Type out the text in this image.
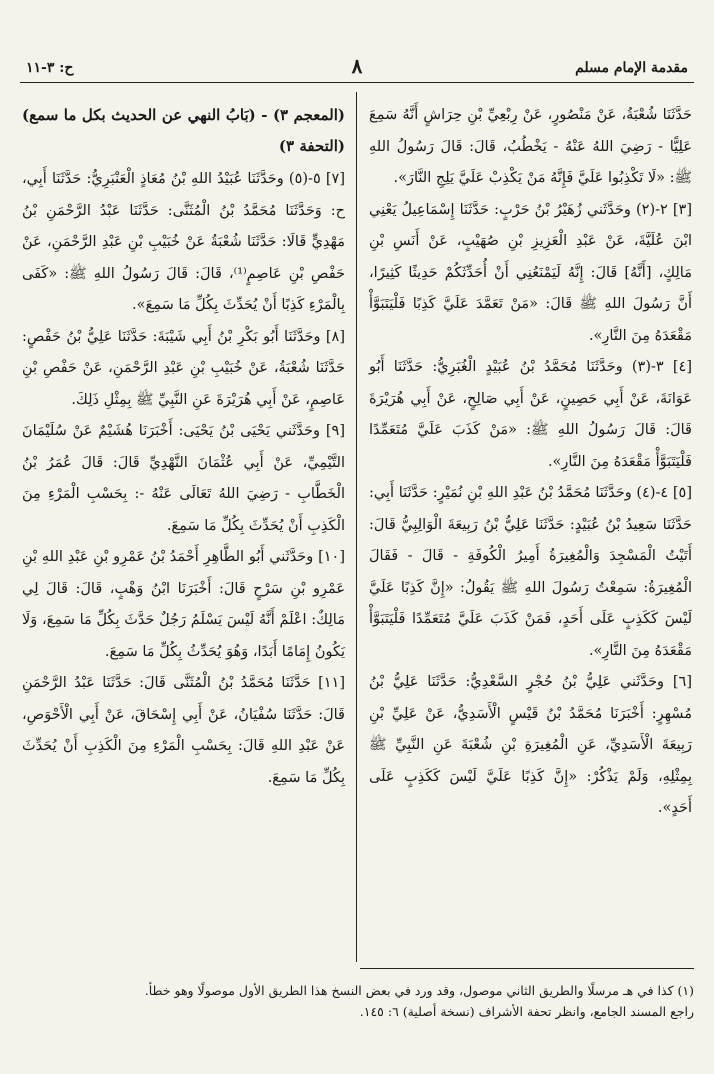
مقدمة الإمام مسلم
٨
ح: ٣-١١

حَدَّثَنَا شُعْبَةُ، عَنْ مَنْصُورٍ، عَنْ رِبْعِيِّ بْنِ حِرَاشٍ أَنَّهُ سَمِعَ عَلِيًّا - رَضِيَ اللهُ عَنْهُ - يَخْطُبُ، قَالَ: قَالَ رَسُولُ اللهِ ﷺ: «لَا تَكْذِبُوا عَلَيَّ فَإِنَّهُ مَنْ يَكْذِبْ عَلَيَّ يَلِجِ النَّارَ».

[٣] ٢-(٢) وحَدَّثَني زُهَيْرُ بْنُ حَرْبٍ: حَدَّثَنَا إِسْمَاعِيلُ يَعْنِي ابْنَ عُلَيَّةَ، عَنْ عَبْدِ الْعَزِيزِ بْنِ صُهَيْبٍ، عَنْ أَنَسِ بْنِ مَالِكٍ، [أَنَّهُ] قَالَ: إِنَّهُ لَيَمْنَعُنِي أَنْ أُحَدِّثَكُمْ حَدِيثًا كَثِيرًا، أَنَّ رَسُولَ اللهِ ﷺ قَالَ: «مَنْ تَعَمَّدَ عَلَيَّ كَذِبًا فَلْيَتَبَوَّأْ مَقْعَدَهُ مِنَ النَّارِ».

[٤] ٣-(٣) وحَدَّثَنَا مُحَمَّدُ بْنُ عُبَيْدٍ الْغُبَرِيُّ: حَدَّثَنَا أَبُو عَوَانَةَ، عَنْ أَبِي حَصِينٍ، عَنْ أَبِي صَالِحٍ، عَنْ أَبِي هُرَيْرَةَ قَالَ: قَالَ رَسُولُ اللهِ ﷺ: «مَنْ كَذَبَ عَلَيَّ مُتَعَمِّدًا فَلْيَتَبَوَّأْ مَقْعَدَهُ مِنَ النَّارِ».

[٥] ٤-(٤) وحَدَّثَنَا مُحَمَّدُ بْنُ عَبْدِ اللهِ بْنِ نُمَيْرٍ: حَدَّثَنَا أَبِي: حَدَّثَنَا سَعِيدُ بْنُ عُبَيْدٍ: حَدَّثَنَا عَلِيُّ بْنُ رَبِيعَةَ الْوَالِبِيُّ قَالَ: أَتَيْتُ الْمَسْجِدَ وَالْمُغِيرَةُ أَمِيرُ الْكُوفَةِ - قَالَ - فَقَالَ الْمُغِيرَةُ: سَمِعْتُ رَسُولَ اللهِ ﷺ يَقُولُ: «إِنَّ كَذِبًا عَلَيَّ لَيْسَ كَكَذِبٍ عَلَى أَحَدٍ، فَمَنْ كَذَبَ عَلَيَّ مُتَعَمِّدًا فَلْيَتَبَوَّأْ مَقْعَدَهُ مِنَ النَّارِ».

[٦] وحَدَّثَني عَلِيُّ بْنُ حُجْرٍ السَّعْدِيُّ: حَدَّثَنَا عَلِيُّ بْنُ مُسْهِرٍ: أَخْبَرَنَا مُحَمَّدُ بْنُ قَيْسٍ الْأَسَدِيُّ، عَنْ عَلِيِّ بْنِ رَبِيعَةَ الْأَسَدِيِّ، عَنِ الْمُغِيرَةِ بْنِ شُعْبَةَ عَنِ النَّبِيِّ ﷺ بِمِثْلِهِ، وَلَمْ يَذْكُرْ: «إِنَّ كَذِبًا عَلَيَّ لَيْسَ كَكَذِبٍ عَلَى أَحَدٍ».

(المعجم ٣) - (بَابُ النهي عن الحديث بكل ما سمع) (التحفة ٣)

[٧] ٥-(٥) وحَدَّثَنَا عُبَيْدُ اللهِ بْنُ مُعَاذٍ الْعَنْبَرِيُّ: حَدَّثَنَا أَبِي، ح: وَحَدَّثَنَا مُحَمَّدُ بْنُ الْمُثَنَّى: حَدَّثَنَا عَبْدُ الرَّحْمَنِ بْنُ مَهْدِيٍّ قَالَا: حَدَّثَنَا شُعْبَةُ عَنْ خُبَيْبِ بْنِ عَبْدِ الرَّحْمَنِ، عَنْ حَفْصِ بْنِ عَاصِمٍ⁽¹⁾، قَالَ: قَالَ رَسُولُ اللهِ ﷺ: «كَفَى بِالْمَرْءِ كَذِبًا أَنْ يُحَدِّثَ بِكُلِّ مَا سَمِعَ».

[٨] وحَدَّثَنَا أَبُو بَكْرِ بْنُ أَبِي شَيْبَةَ: حَدَّثَنَا عَلِيُّ بْنُ حَفْصٍ: حَدَّثَنَا شُعْبَةُ، عَنْ خُبَيْبِ بْنِ عَبْدِ الرَّحْمَنِ، عَنْ حَفْصِ بْنِ عَاصِمٍ، عَنْ أَبِي هُرَيْرَةَ عَنِ النَّبِيِّ ﷺ بِمِثْلِ ذَلِكَ.

[٩] وحَدَّثَني يَحْيَى بْنُ يَحْيَى: أَخْبَرَنَا هُشَيْمٌ عَنْ سُلَيْمَانَ التَّيْمِيِّ، عَنْ أَبِي عُثْمَانَ النَّهْدِيِّ قَالَ: قَالَ عُمَرُ بْنُ الْخَطَّابِ - رَضِيَ اللهُ تَعَالَى عَنْهُ -: بِحَسْبِ الْمَرْءِ مِنَ الْكَذِبِ أَنْ يُحَدِّثَ بِكُلِّ مَا سَمِعَ.

[١٠] وحَدَّثَني أَبُو الطَّاهِرِ أَحْمَدُ بْنُ عَمْرِو بْنِ عَبْدِ اللهِ بْنِ عَمْرِو بْنِ سَرْحٍ قَالَ: أَخْبَرَنَا ابْنُ وَهْبٍ، قَالَ: قَالَ لِي مَالِكٌ: اعْلَمْ أَنَّهُ لَيْسَ يَسْلَمُ رَجُلٌ حَدَّثَ بِكُلِّ مَا سَمِعَ، وَلَا يَكُونُ إِمَامًا أَبَدًا، وَهُوَ يُحَدِّثُ بِكُلِّ مَا سَمِعَ.

[١١] حَدَّثَنَا مُحَمَّدُ بْنُ الْمُثَنَّى قَالَ: حَدَّثَنَا عَبْدُ الرَّحْمَنِ قَالَ: حَدَّثَنَا سُفْيَانُ، عَنْ أَبِي إِسْحَاقَ، عَنْ أَبِي الْأَحْوَصِ، عَنْ عَبْدِ اللهِ قَالَ: بِحَسْبِ الْمَرْءِ مِنَ الْكَذِبِ أَنْ يُحَدِّثَ بِكُلِّ مَا سَمِعَ.

(١) كذا في هـ مرسلًا والطريق الثاني موصول، وقد ورد في بعض النسخ هذا الطريق الأول موصولًا وهو خطأ.
راجع المسند الجامع، وانظر تحفة الأشراف (نسخة أصلية) ٦: ١٤٥.
